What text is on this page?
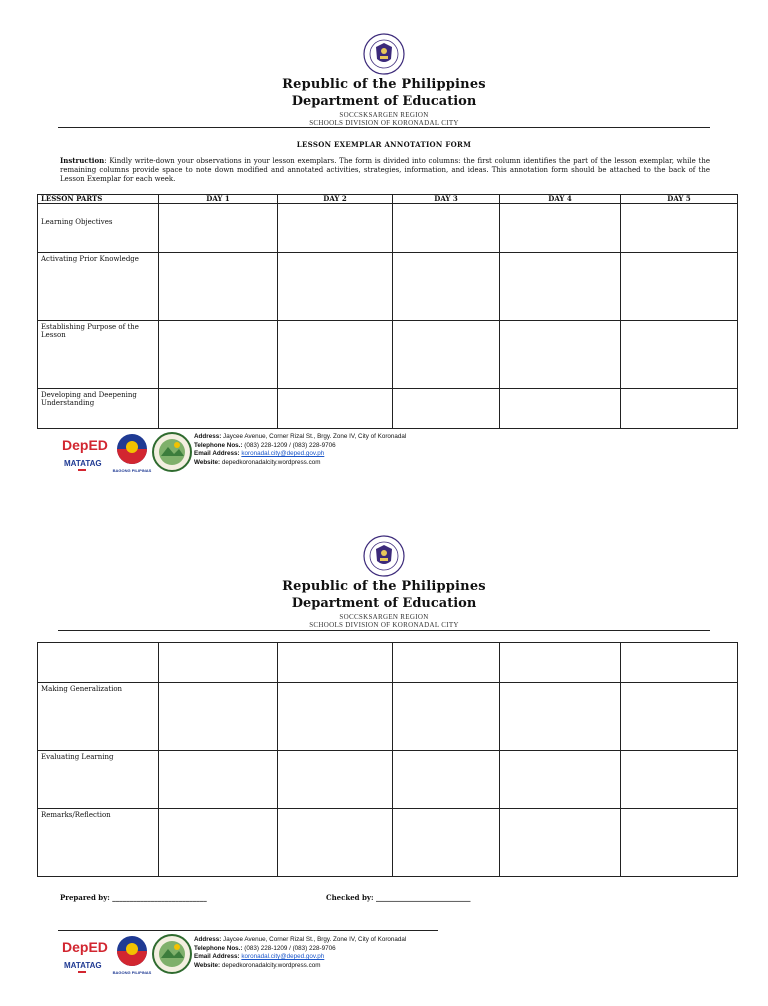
Republic of the Philippines
Department of Education
SOCCSKSARGEN REGION
SCHOOLS DIVISION OF KORONADAL CITY
LESSON EXEMPLAR ANNOTATION FORM
Instruction: Kindly write-down your observations in your lesson exemplars. The form is divided into columns: the first column identifies the part of the lesson exemplar, while the remaining columns provide space to note down modified and annotated activities, strategies, information, and ideas. This annotation form should be attached to the back of the Lesson Exemplar for each week.
LESSON PARTS	DAY 1	DAY 2	DAY 3	DAY 4	DAY 5
Learning Objectives					
Activating Prior Knowledge					
Establishing Purpose of the Lesson					
Developing and Deepening Understanding					
DepED
MATATAG
BAGONG PILIPINAS
Address: Jaycee Avenue, Corner Rizal St., Brgy. Zone IV, City of Koronadal
Telephone Nos.: (083) 228-1209 / (083) 228-9706
Email Address: koronadal.city@deped.gov.ph
Website: depedkoronadalcity.wordpress.com
Republic of the Philippines
Department of Education
SOCCSKSARGEN REGION
SCHOOLS DIVISION OF KORONADAL CITY

Making Generalization					
Evaluating Learning					
Remarks/Reflection					
Prepared by: ___________________________	Checked by: ___________________________
DepED
MATATAG
BAGONG PILIPINAS
Address: Jaycee Avenue, Corner Rizal St., Brgy. Zone IV, City of Koronadal
Telephone Nos.: (083) 228-1209 / (083) 228-9706
Email Address: koronadal.city@deped.gov.ph
Website: depedkoronadalcity.wordpress.com
